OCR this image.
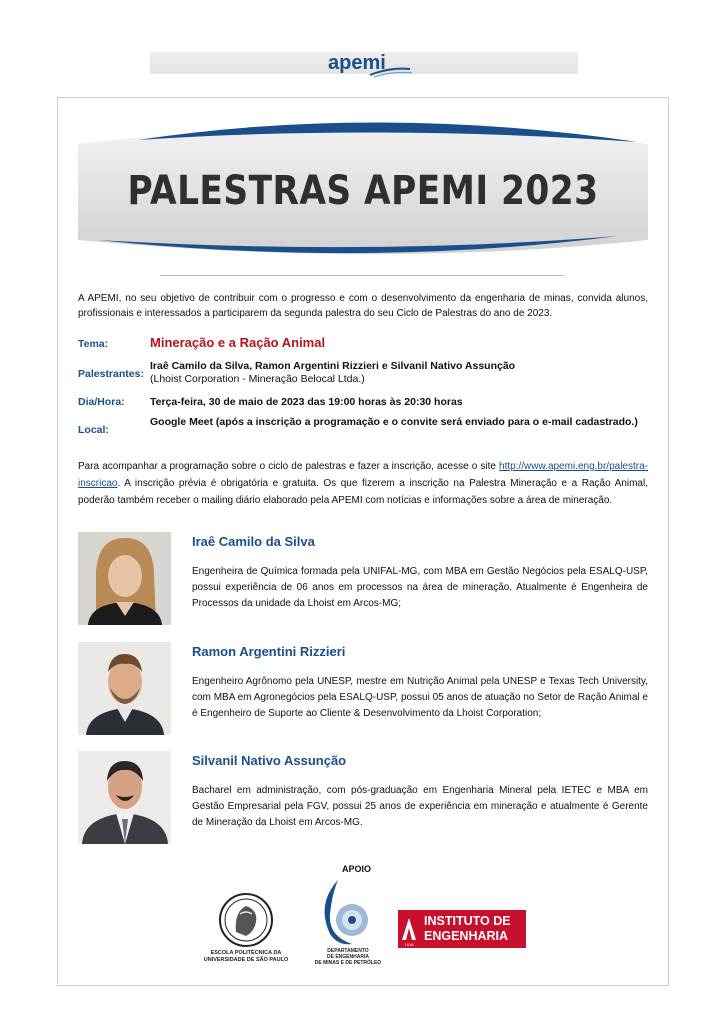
apemi
PALESTRAS APEMI 2023
A APEMI, no seu objetivo de contribuir com o progresso e com o desenvolvimento da engenharia de minas, convida alunos, profissionais e interessados a participarem da segunda palestra do seu Ciclo de Palestras do ano de 2023.
Tema:	Mineração e a Ração Animal
Palestrantes:
Iraê Camilo da Silva, Ramon Argentini Rizzieri e Silvanil Nativo Assunção
(Lhoist Corporation - Mineração Belocal Ltda.)
Dia/Hora: Terça-feira, 30 de maio de 2023 das 19:00 horas às 20:30 horas
Local:
Google Meet (após a inscrição a programação e o convite será enviado para o e-mail cadastrado.)
Para acompanhar a programação sobre o ciclo de palestras e fazer a inscrição, acesse o site http://www.apemi.eng.br/palestra-inscricao. A inscrição prévia é obrigatória e gratuita. Os que fizerem a inscrição na Palestra Mineração e a Ração Animal, poderão também receber o mailing diário elaborado pela APEMI com notícias e informações sobre a área de mineração.
Iraê Camilo da Silva
Engenheira de Química formada pela UNIFAL-MG, com MBA em Gestão Negócios pela ESALQ-USP, possui experiência de 06 anos em processos na área de mineração. Atualmente é Engenheira de Processos da unidade da Lhoist em Arcos-MG;
Ramon Argentini Rizzieri
Engenheiro Agrônomo pela UNESP, mestre em Nutrição Animal pela UNESP e Texas Tech University, com MBA em Agronegócios pela ESALQ-USP, possui 05 anos de atuação no Setor de Ração Animal e é Engenheiro de Suporte ao Cliente & Desenvolvimento da Lhoist Corporation;
Silvanil Nativo Assunção
Bacharel em administração, com pós-graduação em Engenharia Mineral pela IETEC e MBA em Gestão Empresarial pela FGV, possui 25 anos de experiência em mineração e atualmente é Gerente de Mineração da Lhoist em Arcos-MG.
APOIO
ESCOLA POLITÉCNICA DA
UNIVERSIDADE DE SÃO PAULO
DEPARTAMENTO
DE ENGENHARIA
DE MINAS E DE PETRÓLEO
1916
INSTITUTO DE
ENGENHARIA
